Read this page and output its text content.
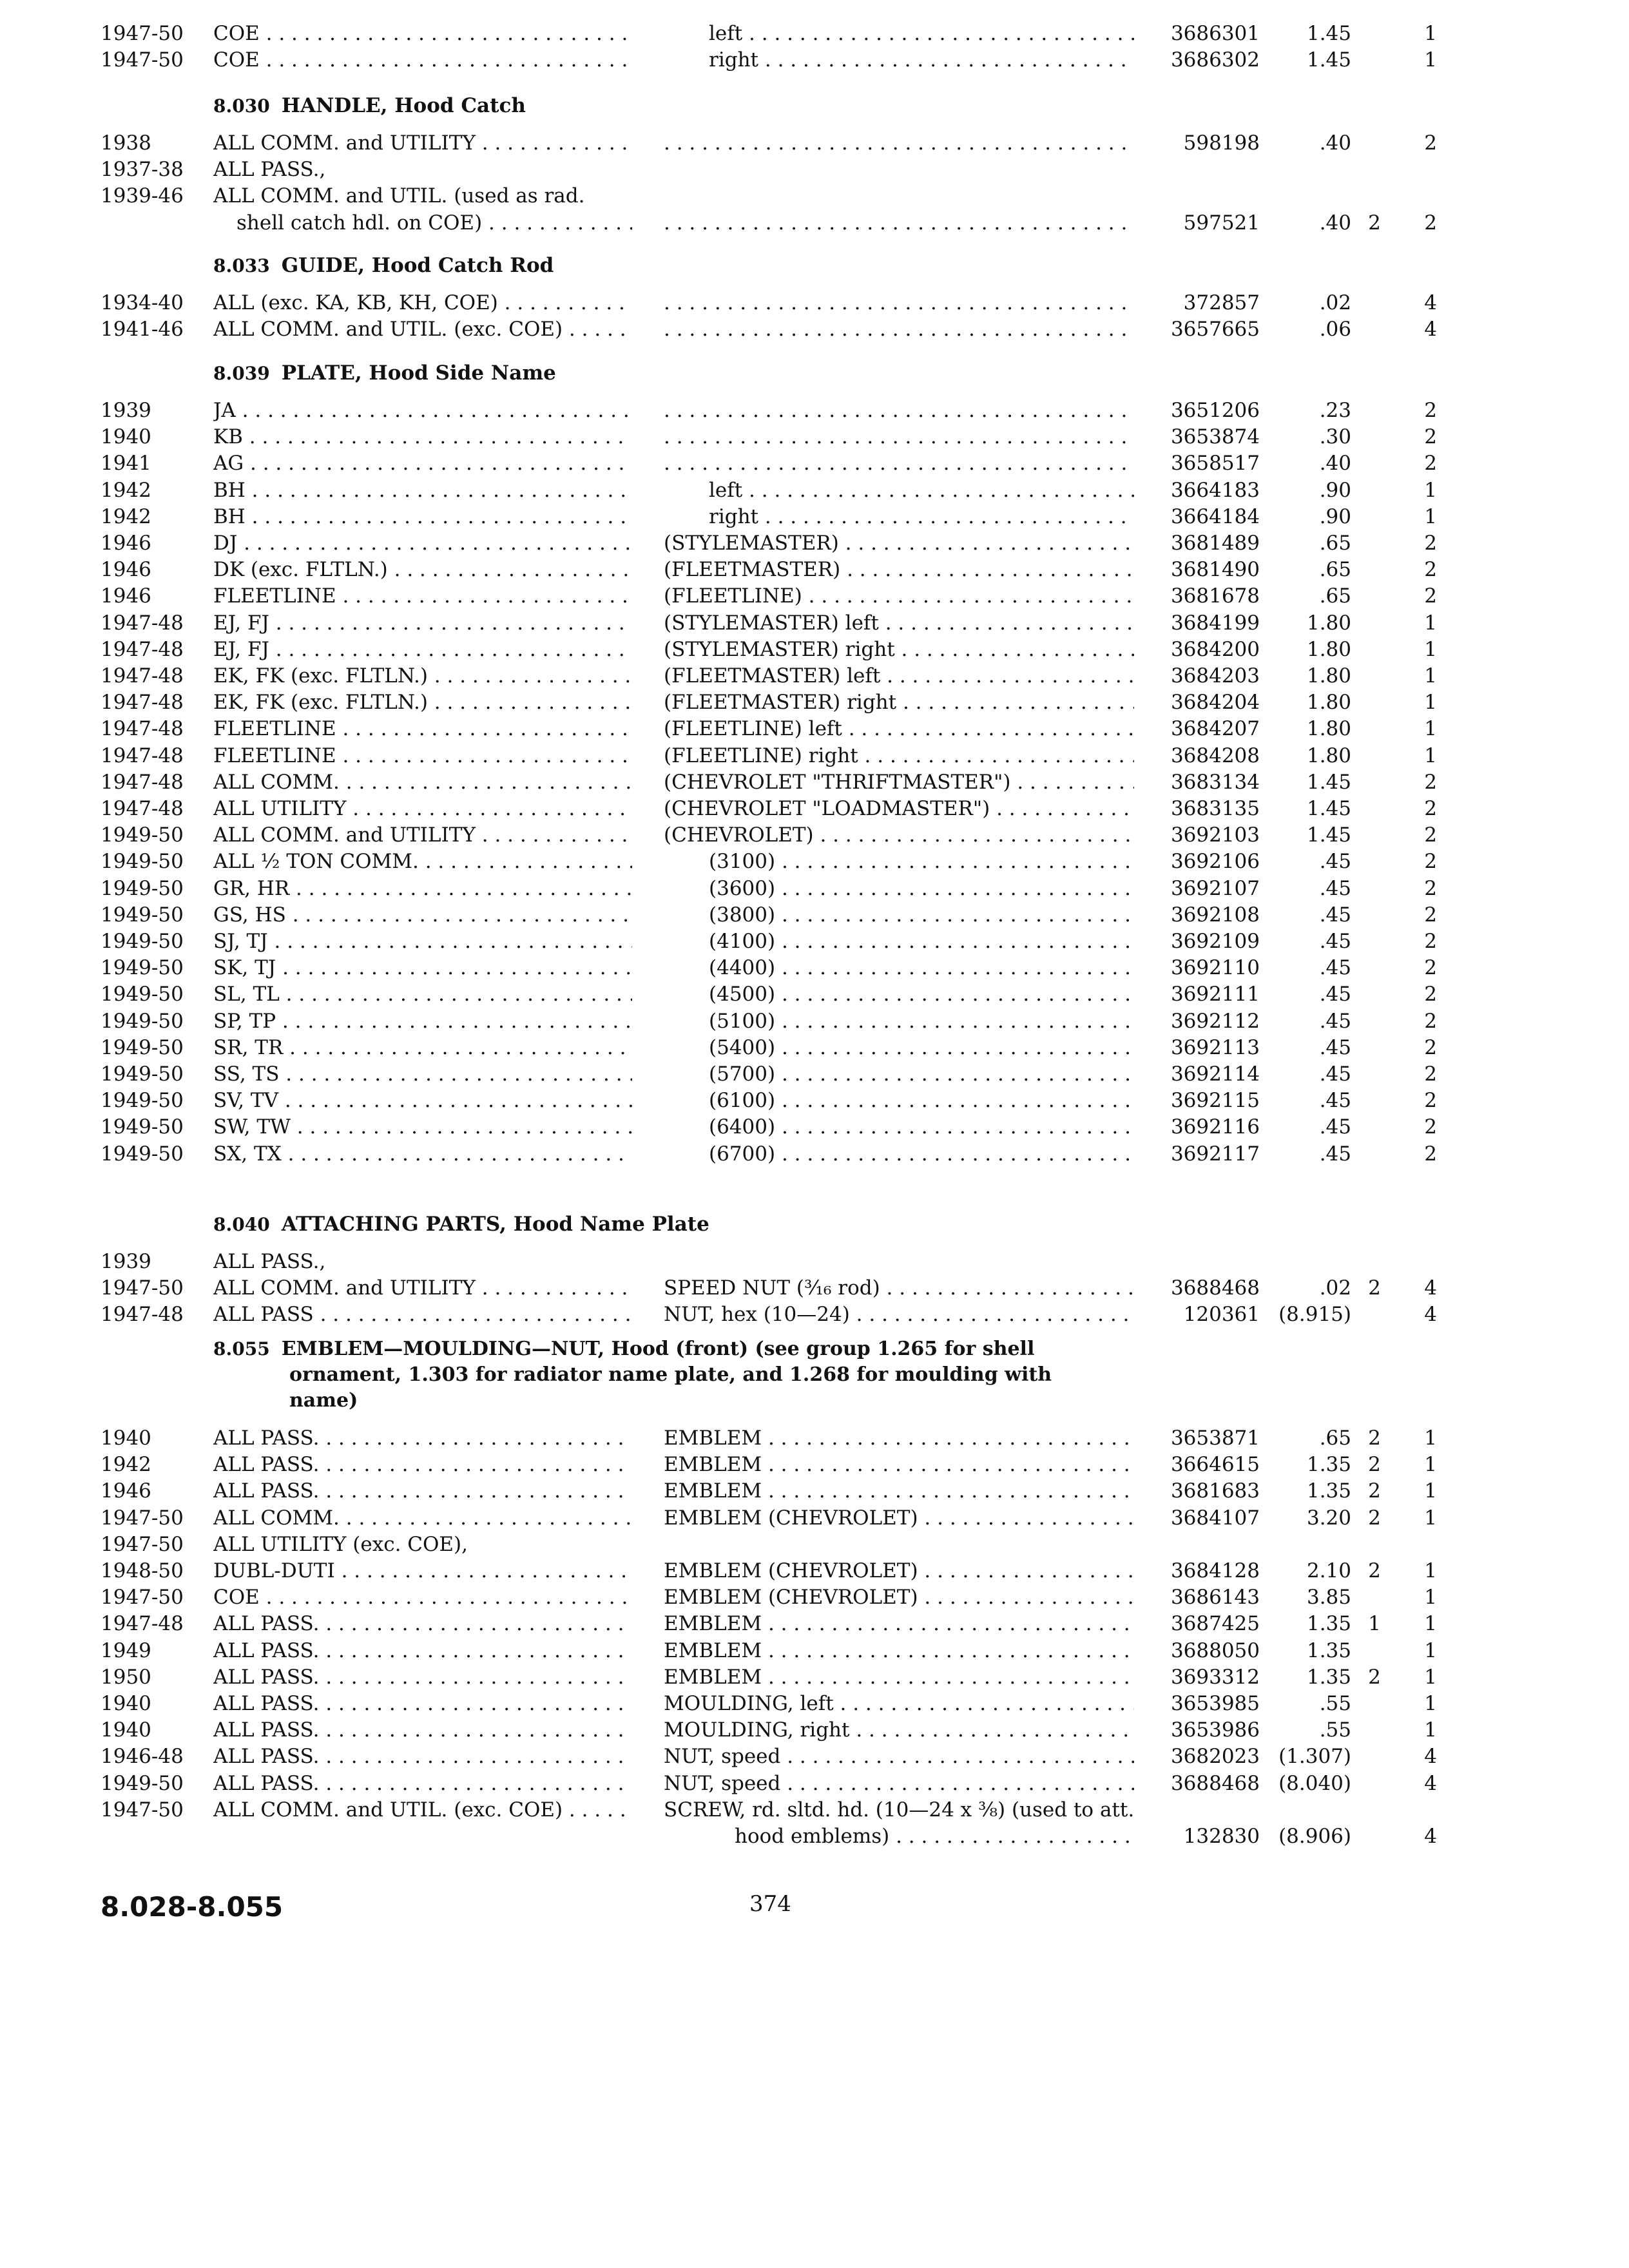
1947-50 COE . . .	left . . .	3686301	1.45	1
1947-50 COE . . .	right . . .	3686302	1.45	1
8.030 HANDLE, Hood Catch
1938	ALL COMM. and UTILITY . . . . . .	598198	.40	2
1937-38 ALL PASS.,
1939-46 ALL COMM. and UTIL. (used as rad.
shell catch hdl. on COE) . . . . . .	597521	.40 2	2
8.033 GUIDE, Hood Catch Rod
1934-40 ALL (exc. KA, KB, KH, COE) . . . . . .	372857	.02	4
1941-46 ALL COMM. and UTIL. (exc. COE) . . . . . .	3657665	.06	4
8.039 PLATE, Hood Side Name
1939	JA . . . . . .	3651206	.23	2
1940	KB . . . . . .	3653874	.30	2
1941	AG . . . . . .	3658517	.40	2
1942	BH . . .	left . . .	3664183	.90	1
1942	BH . . .	right . . .	3664184	.90	1
1946	DJ . . .	(STYLEMASTER) . . .	3681489	.65	2
1946	DK (exc. FLTLN.) . . .	(FLEETMASTER) . . .	3681490	.65	2
1946	FLEETLINE . . .	(FLEETLINE) . . .	3681678	.65	2
1947-48 EJ, FJ . . .	(STYLEMASTER) left . . .	3684199	1.80	1
1947-48 EJ, FJ . . .	(STYLEMASTER) right . . .	3684200	1.80	1
1947-48 EK, FK (exc. FLTLN.) . . .	(FLEETMASTER) left . . .	3684203	1.80	1
1947-48 EK, FK (exc. FLTLN.) . . .	(FLEETMASTER) right . . .	3684204	1.80	1
1947-48 FLEETLINE . . .	(FLEETLINE) left . . .	3684207	1.80	1
1947-48 FLEETLINE . . .	(FLEETLINE) right . . .	3684208	1.80	1
1947-48 ALL COMM. . . .	(CHEVROLET "THRIFTMASTER") . . .	3683134	1.45	2
1947-48 ALL UTILITY . . .	(CHEVROLET "LOADMASTER") . . .	3683135	1.45	2
1949-50 ALL COMM. and UTILITY . . .	(CHEVROLET) . . .	3692103	1.45	2
1949-50 ALL ½ TON COMM. . . .	(3100) . . .	3692106	.45	2
1949-50 GR, HR . . .	(3600) . . .	3692107	.45	2
1949-50 GS, HS . . .	(3800) . . .	3692108	.45	2
1949-50 SJ, TJ . . .	(4100) . . .	3692109	.45	2
1949-50 SK, TJ . . .	(4400) . . .	3692110	.45	2
1949-50 SL, TL . . .	(4500) . . .	3692111	.45	2
1949-50 SP, TP . . .	(5100) . . .	3692112	.45	2
1949-50 SR, TR . . .	(5400) . . .	3692113	.45	2
1949-50 SS, TS . . .	(5700) . . .	3692114	.45	2
1949-50 SV, TV . . .	(6100) . . .	3692115	.45	2
1949-50 SW, TW . . .	(6400) . . .	3692116	.45	2
1949-50 SX, TX . . .	(6700) . . .	3692117	.45	2
8.040 ATTACHING PARTS, Hood Name Plate
1939	ALL PASS.,
1947-50 ALL COMM. and UTILITY . . .	SPEED NUT (³⁄₁₆ rod) . . .	3688468	.02 2	4
1947-48 ALL PASS . . .	NUT, hex (10—24) . . .	120361 (8.915)	4
8.055 EMBLEM—MOULDING—NUT, Hood (front) (see group 1.265 for shell
ornament, 1.303 for radiator name plate, and 1.268 for moulding with
name)
1940	ALL PASS. . . .	EMBLEM . . .	3653871	.65 2	1
1942	ALL PASS. . . .	EMBLEM . . .	3664615	1.35 2	1
1946	ALL PASS. . . .	EMBLEM . . .	3681683	1.35 2	1
1947-50 ALL COMM. . . .	EMBLEM (CHEVROLET) . . .	3684107	3.20 2	1
1947-50 ALL UTILITY (exc. COE),
1948-50 DUBL-DUTI . . .	EMBLEM (CHEVROLET) . . .	3684128	2.10 2	1
1947-50 COE . . .	EMBLEM (CHEVROLET) . . .	3686143	3.85	1
1947-48 ALL PASS. . . .	EMBLEM . . .	3687425	1.35 1	1
1949	ALL PASS. . . .	EMBLEM . . .	3688050	1.35	1
1950	ALL PASS. . . .	EMBLEM . . .	3693312	1.35 2	1
1940	ALL PASS. . . .	MOULDING, left . . .	3653985	.55	1
1940	ALL PASS. . . .	MOULDING, right . . .	3653986	.55	1
1946-48 ALL PASS. . . .	NUT, speed . . .	3682023 (1.307)	4
1949-50 ALL PASS. . . .	NUT, speed . . .	3688468 (8.040)	4
1947-50 ALL COMM. and UTIL. (exc. COE) . . .	SCREW, rd. sltd. hd. (10—24 x ³⁄₈) (used to att.
hood emblems) . . .	132830 (8.906)	4
8.028-8.055	374
